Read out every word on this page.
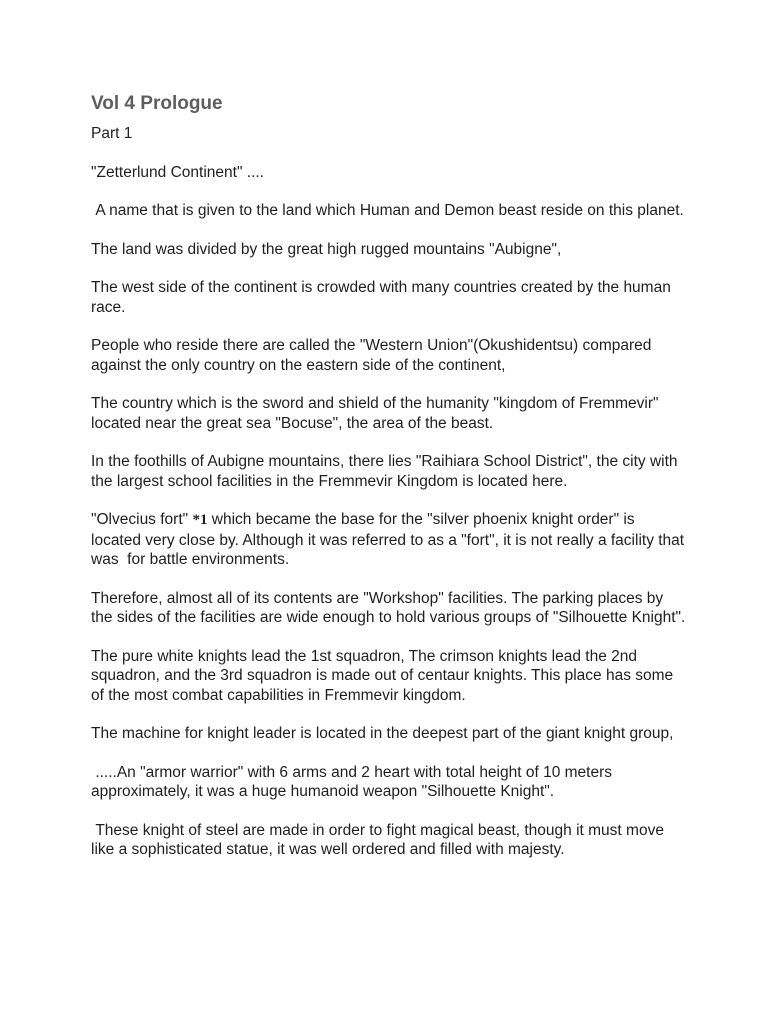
Vol 4 Prologue
Part 1

"Zetterlund Continent" ....

A name that is given to the land which Human and Demon beast reside on this planet.

The land was divided by the great high rugged mountains "Aubigne",

The west side of the continent is crowded with many countries created by the human race.

People who reside there are called the "Western Union"(Okushidentsu) compared against the only country on the eastern side of the continent,

The country which is the sword and shield of the humanity "kingdom of Fremmevir" located near the great sea "Bocuse", the area of the beast.

In the foothills of Aubigne mountains, there lies "Raihiara School District", the city with the largest school facilities in the Fremmevir Kingdom is located here.

"Olvecius fort" *1 which became the base for the "silver phoenix knight order" is located very close by. Although it was referred to as a "fort", it is not really a facility that was  for battle environments.

Therefore, almost all of its contents are "Workshop" facilities. The parking places by the sides of the facilities are wide enough to hold various groups of "Silhouette Knight".

The pure white knights lead the 1st squadron, The crimson knights lead the 2nd squadron, and the 3rd squadron is made out of centaur knights. This place has some of the most combat capabilities in Fremmevir kingdom.

The machine for knight leader is located in the deepest part of the giant knight group,

.....An "armor warrior" with 6 arms and 2 heart with total height of 10 meters approximately, it was a huge humanoid weapon "Silhouette Knight".

These knight of steel are made in order to fight magical beast, though it must move like a sophisticated statue, it was well ordered and filled with majesty.
